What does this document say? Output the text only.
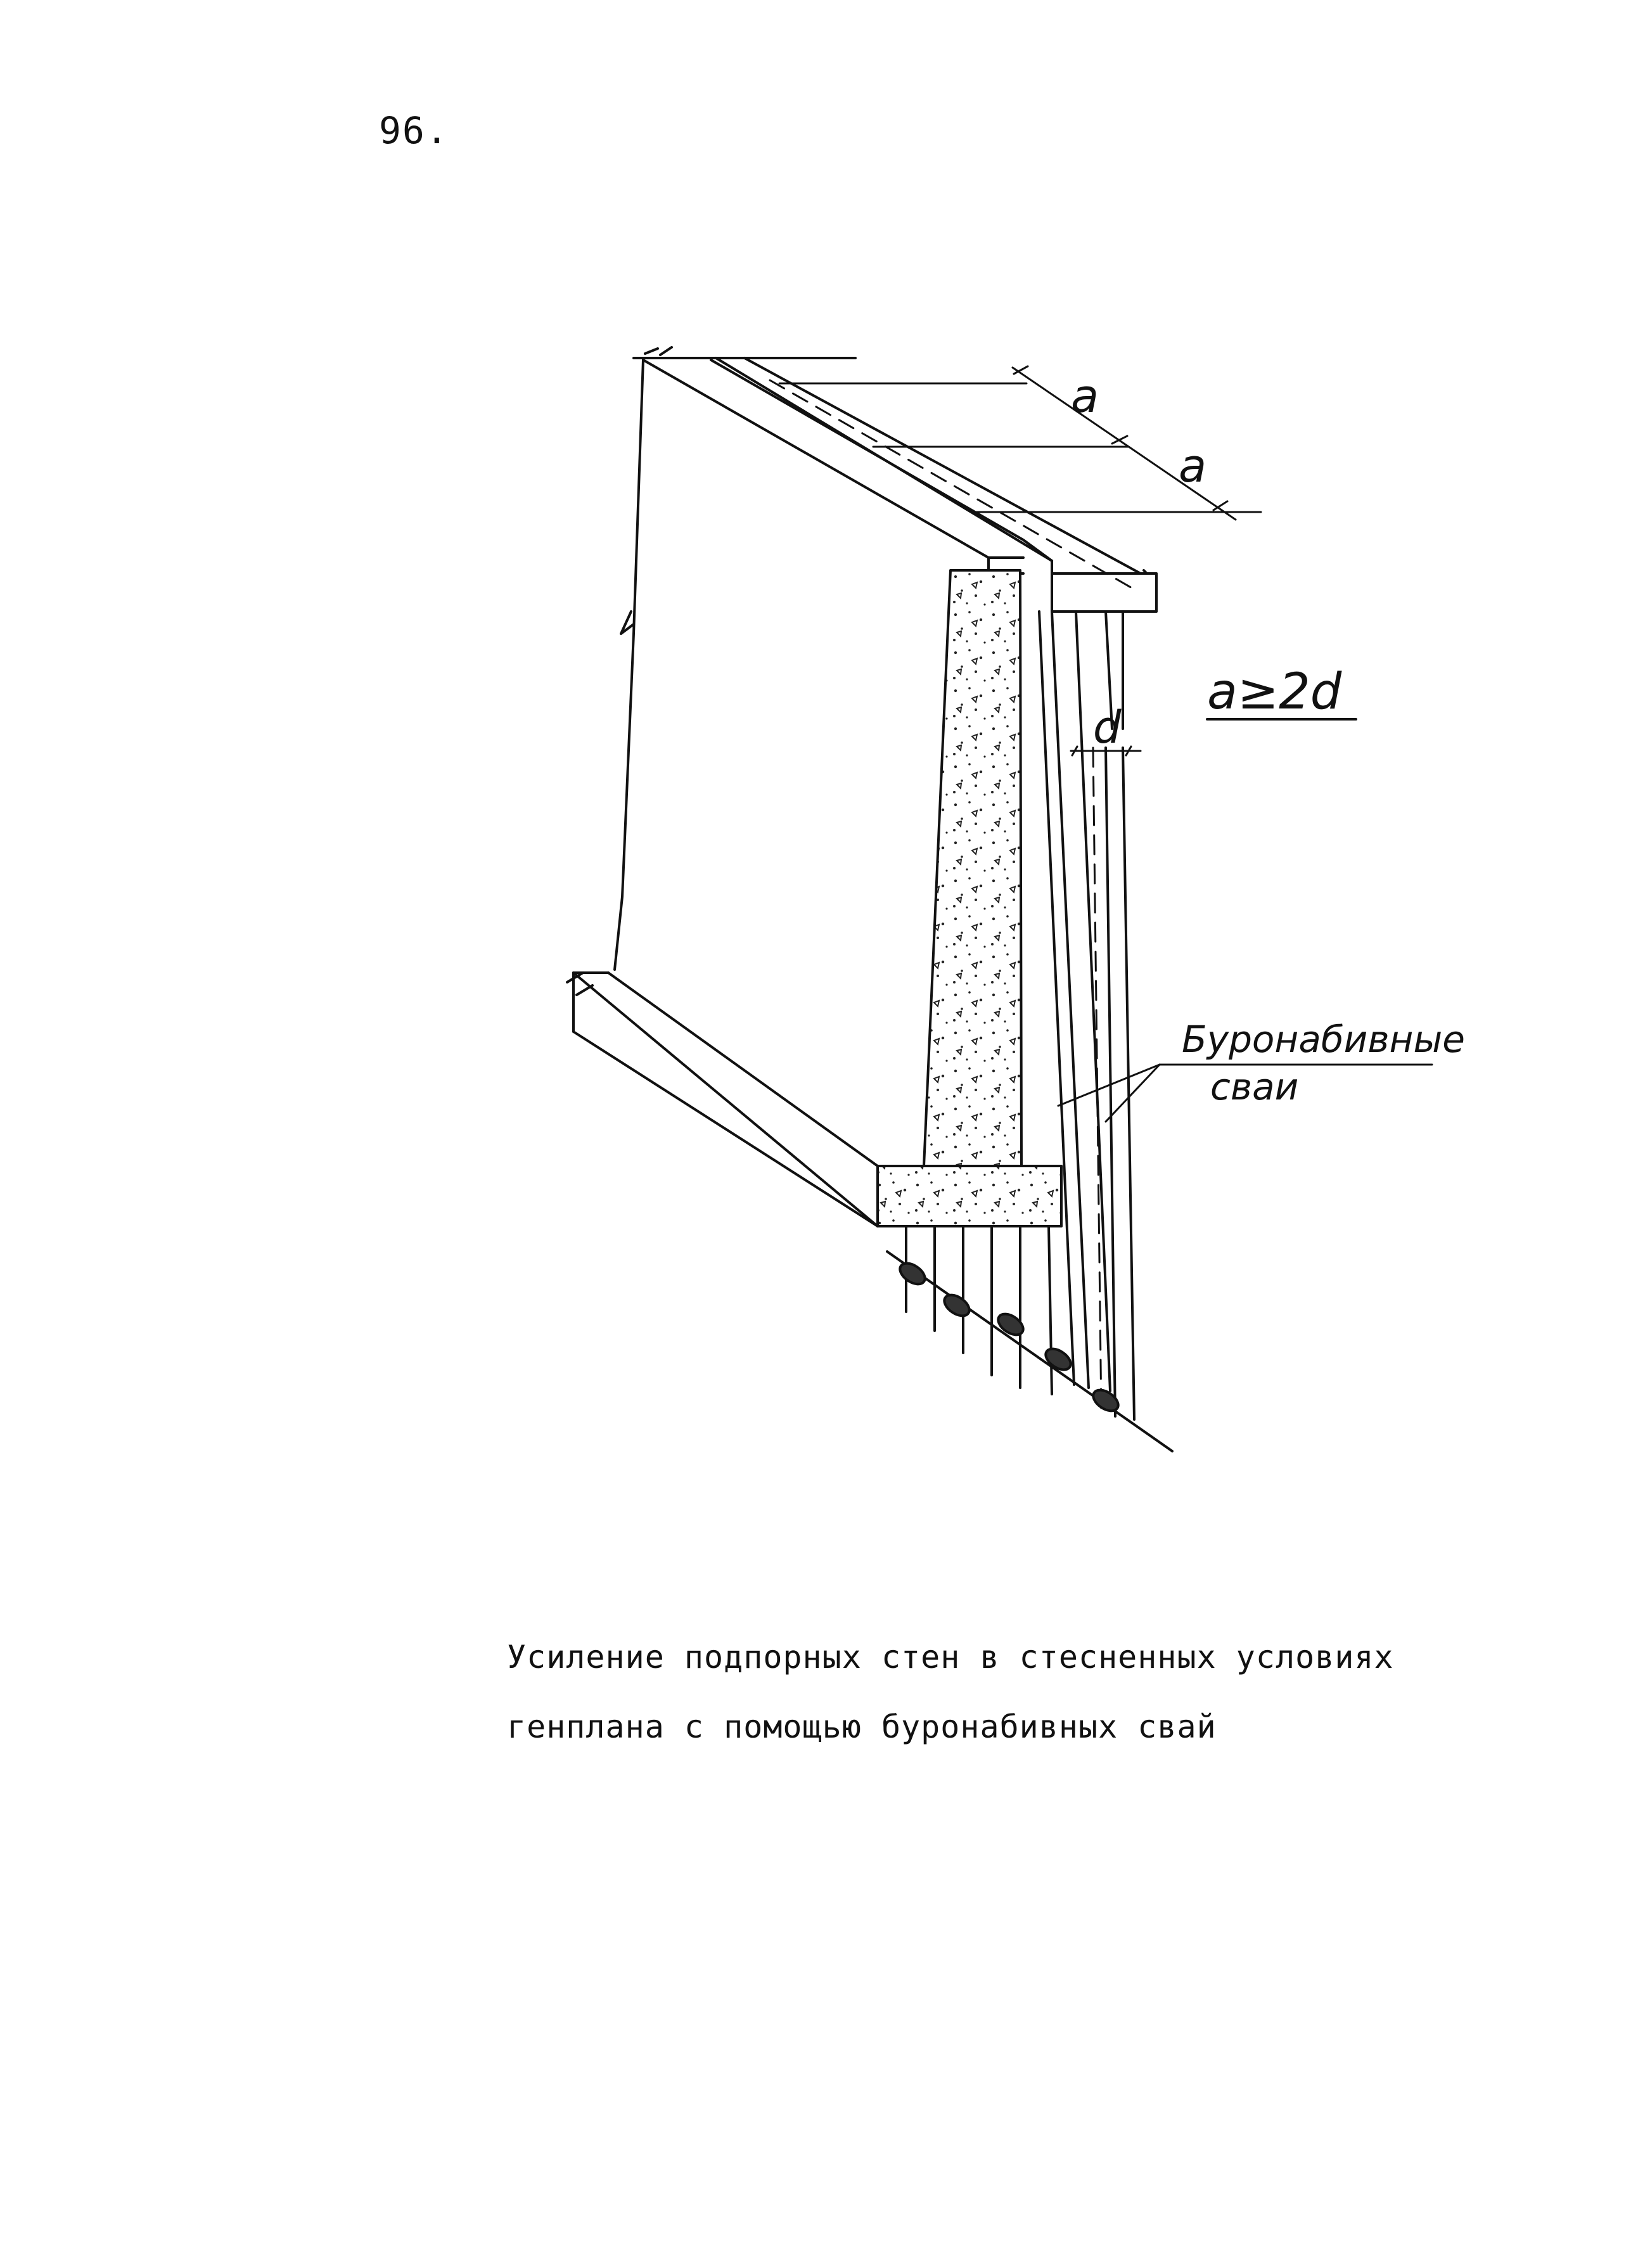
96.
a
a
a≥2d
d
Буронабивные
сваи
Усиление подпорных стен в стесненных условиях
генплана с помощью буронабивных свай
